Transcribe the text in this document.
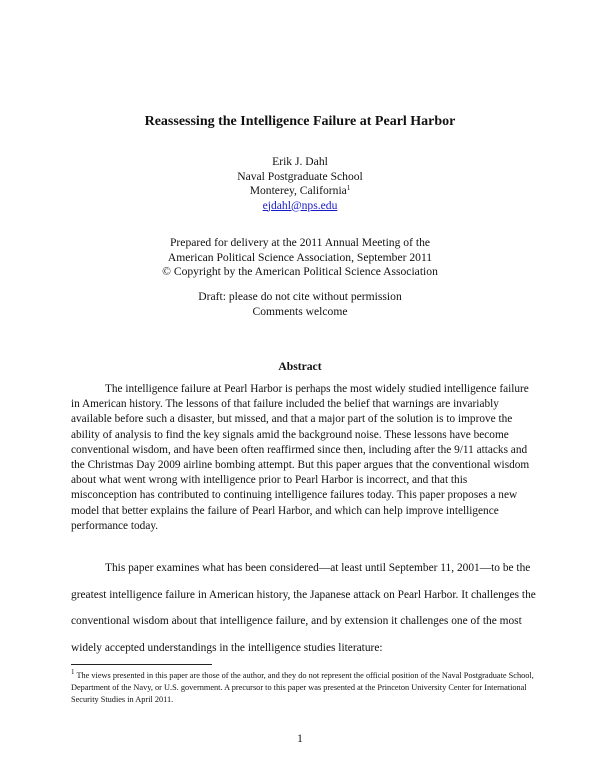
Reassessing the Intelligence Failure at Pearl Harbor
Erik J. Dahl
Naval Postgraduate School
Monterey, California$^1$
ejdahl@nps.edu
Prepared for delivery at the 2011 Annual Meeting of the
American Political Science Association, September 2011
© Copyright by the American Political Science Association
Draft: please do not cite without permission
Comments welcome
Abstract
The intelligence failure at Pearl Harbor is perhaps the most widely studied intelligence failure in American history. The lessons of that failure included the belief that warnings are invariably available before such a disaster, but missed, and that a major part of the solution is to improve the ability of analysis to find the key signals amid the background noise. These lessons have become conventional wisdom, and have been often reaffirmed since then, including after the 9/11 attacks and the Christmas Day 2009 airline bombing attempt. But this paper argues that the conventional wisdom about what went wrong with intelligence prior to Pearl Harbor is incorrect, and that this misconception has contributed to continuing intelligence failures today. This paper proposes a new model that better explains the failure of Pearl Harbor, and which can help improve intelligence performance today.
This paper examines what has been considered—at least until September 11, 2001—to be the greatest intelligence failure in American history, the Japanese attack on Pearl Harbor. It challenges the conventional wisdom about that intelligence failure, and by extension it challenges one of the most widely accepted understandings in the intelligence studies literature:
$^1$ The views presented in this paper are those of the author, and they do not represent the official position of the Naval Postgraduate School, Department of the Navy, or U.S. government. A precursor to this paper was presented at the Princeton University Center for International Security Studies in April 2011.
1
